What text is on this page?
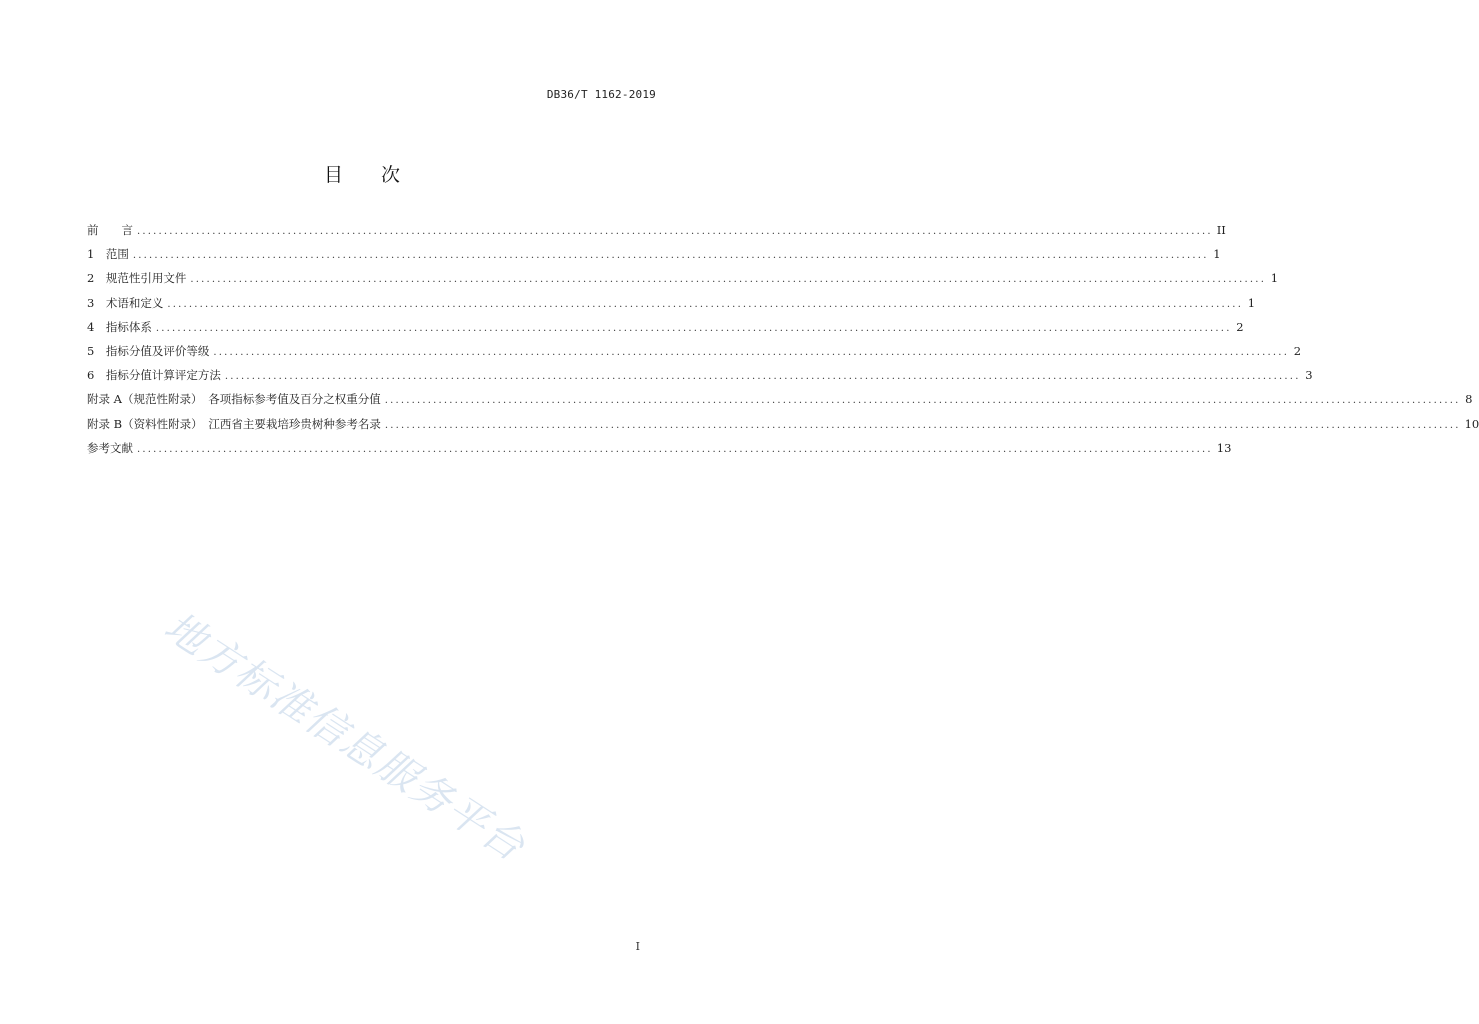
DB36/T 1162-2019
目 次
前　　言 ........................................................................................................................................................................................................ II
1　范围 ........................................................................................................................................................................................................ 1
2　规范性引用文件 ........................................................................................................................................................................................................ 1
3　术语和定义 ........................................................................................................................................................................................................ 1
4　指标体系 ........................................................................................................................................................................................................ 2
5　指标分值及评价等级 ........................................................................................................................................................................................................ 2
6　指标分值计算评定方法 ........................................................................................................................................................................................................ 3
附录 A（规范性附录）　各项指标参考值及百分之权重分值 ........................................................................................................................................................................................................ 8
附录 B（资料性附录）　江西省主要栽培珍贵树种参考名录 ........................................................................................................................................................................................................ 10
参考文献 ........................................................................................................................................................................................................ 13
地方标准信息服务平台
I
